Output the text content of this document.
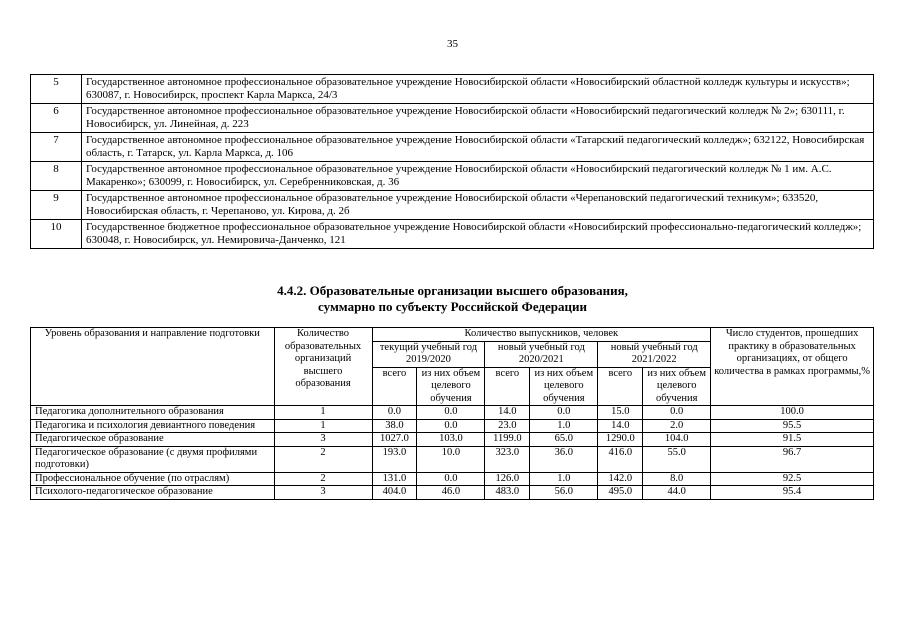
35
5	Государственное автономное профессиональное образовательное учреждение Новосибирской области «Новосибирский областной колледж культуры и искусств»; 630087, г. Новосибирск, проспект Карла Маркса, 24/3
6	Государственное автономное профессиональное образовательное учреждение Новосибирской области «Новосибирский педагогический колледж № 2»; 630111, г. Новосибирск, ул. Линейная, д. 223
7	Государственное автономное профессиональное образовательное учреждение Новосибирской области «Татарский педагогический колледж»; 632122, Новосибирская область, г. Татарск, ул. Карла Маркса, д. 106
8	Государственное автономное профессиональное образовательное учреждение Новосибирской области «Новосибирский педагогический колледж № 1 им. А.С. Макаренко»; 630099, г. Новосибирск, ул. Серебренниковская, д. 36
9	Государственное автономное профессиональное образовательное учреждение Новосибирской области «Черепановский педагогический техникум»; 633520, Новосибирская область, г. Черепаново, ул. Кирова, д. 2б
10	Государственное бюджетное профессиональное образовательное учреждение Новосибирской области «Новосибирский профессионально-педагогический колледж»; 630048, г. Новосибирск, ул. Немировича-Данченко, 121
4.4.2. Образовательные организации высшего образования,
суммарно по субъекту Российской Федерации
Уровень образования и направление подготовки	Количество образовательных организаций высшего образования	Количество выпускников, человек						Число студентов, прошедших практику в образовательных организациях, от общего количества в рамках программы,%
		текущий учебный год 2019/2020		новый учебный год 2020/2021		новый учебный год 2021/2022		
		всего	из них объем целевого обучения	всего	из них объем целевого обучения	всего	из них объем целевого обучения	
Педагогика дополнительного образования	1	0.0	0.0	14.0	0.0	15.0	0.0	100.0
Педагогика и психология девиантного поведения	1	38.0	0.0	23.0	1.0	14.0	2.0	95.5
Педагогическое образование	3	1027.0	103.0	1199.0	65.0	1290.0	104.0	91.5
Педагогическое образование (с двумя профилями подготовки)	2	193.0	10.0	323.0	36.0	416.0	55.0	96.7
Профессиональное обучение (по отраслям)	2	131.0	0.0	126.0	1.0	142.0	8.0	92.5
Психолого-педагогическое образование	3	404.0	46.0	483.0	56.0	495.0	44.0	95.4
